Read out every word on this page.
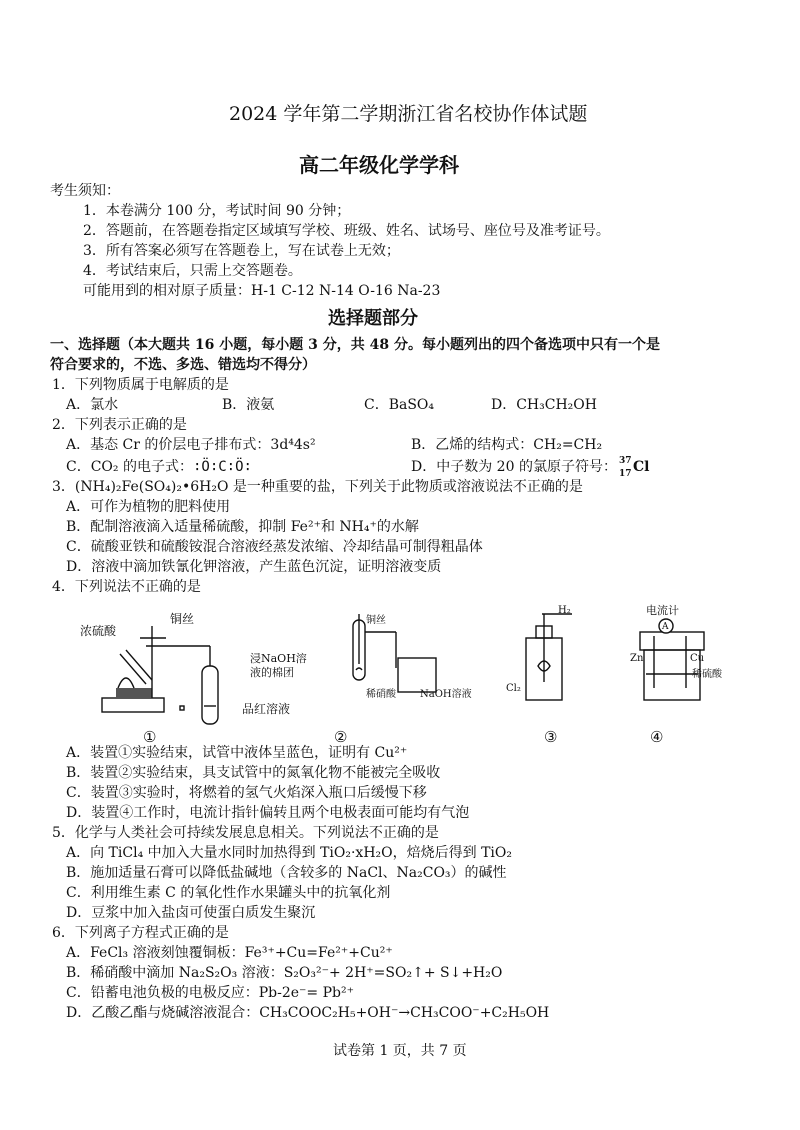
2024 学年第二学期浙江省名校协作体试题
高二年级化学学科
考生须知：
1．本卷满分 100 分，考试时间 90 分钟；
2．答题前，在答题卷指定区域填写学校、班级、姓名、试场号、座位号及准考证号。
3．所有答案必须写在答题卷上，写在试卷上无效；
4．考试结束后，只需上交答题卷。
可能用到的相对原子质量：H-1 C-12 N-14 O-16 Na-23
选择题部分
一、选择题（本大题共 16 小题，每小题 3 分，共 48 分。每小题列出的四个备选项中只有一个是
符合要求的，不选、多选、错选均不得分）
1．下列物质属于电解质的是
A．氯水	B．液氨	C．BaSO₄	D．CH₃CH₂OH
2．下列表示正确的是
A．基态 Cr 的价层电子排布式：3d⁴4s²	B．乙烯的结构式：CH₂=CH₂
C．CO₂ 的电子式：∶Ö∶C∶Ö∶	D．中子数为 20 的氯原子符号： 37
17 Cl
3．(NH₄)₂Fe(SO₄)₂•6H₂O 是一种重要的盐，下列关于此物质或溶液说法不正确的是
A．可作为植物的肥料使用
B．配制溶液滴入适量稀硫酸，抑制 Fe²⁺和 NH₄⁺的水解
C．硫酸亚铁和硫酸铵混合溶液经蒸发浓缩、冷却结晶可制得粗晶体
D．溶液中滴加铁氰化钾溶液，产生蓝色沉淀，证明溶液变质
4．下列说法不正确的是
浓硫酸
铜丝
浸NaOH溶
液的棉团
品红溶液
①
铜丝
稀硝酸 NaOH溶液
②
H₂
Cl₂
③
电流计
A
Zn	Cu
稀硫酸
④
A．装置①实验结束，试管中液体呈蓝色，证明有 Cu²⁺
B．装置②实验结束，具支试管中的氮氧化物不能被完全吸收
C．装置③实验时，将燃着的氢气火焰深入瓶口后缓慢下移
D．装置④工作时，电流计指针偏转且两个电极表面可能均有气泡
5．化学与人类社会可持续发展息息相关。下列说法不正确的是
A．向 TiCl₄ 中加入大量水同时加热得到 TiO₂·xH₂O，焙烧后得到 TiO₂
B．施加适量石膏可以降低盐碱地（含较多的 NaCl、Na₂CO₃）的碱性
C．利用维生素 C 的氧化性作水果罐头中的抗氧化剂
D．豆浆中加入盐卤可使蛋白质发生聚沉
6．下列离子方程式正确的是
A．FeCl₃ 溶液刻蚀覆铜板：Fe³⁺+Cu=Fe²⁺+Cu²⁺
B．稀硝酸中滴加 Na₂S₂O₃ 溶液：S₂O₃²⁻+ 2H⁺=SO₂↑+ S↓+H₂O
C．铅蓄电池负极的电极反应：Pb-2e⁻= Pb²⁺
D．乙酸乙酯与烧碱溶液混合：CH₃COOC₂H₅+OH⁻→CH₃COO⁻+C₂H₅OH
试卷第 1 页，共 7 页
